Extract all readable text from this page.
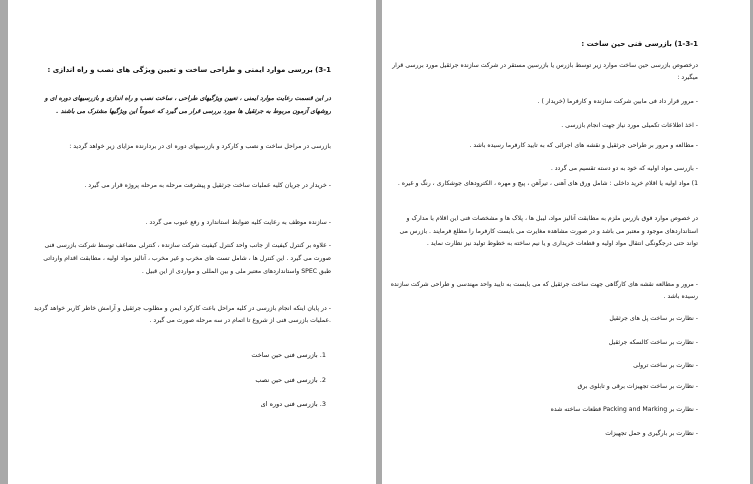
3-1) بررسی موارد ایمنی و طراحی ساخت و تعیین ویژگی های نصب و راه اندازی :
در این قسمت رعایت موارد ایمنی ، تعیین ویژگیهای طراحی ، ساخت نصب و راه اندازی و بازرسیهای دوره ای و روشهای آزمون مربوط به جرثقیل ها مورد بررسی قرار می گیرد که عموماً این ویژگیها مشترک می باشند .
بازرسی در مراحل ساخت و نصب و کارکرد و بازرسیهای دوره ای در بردارنده مزایای زیر خواهد گردید :
- خریدار در جریان کلیه عملیات ساخت جرثقیل و پیشرفت مرحله به مرحله پروژه قرار می گیرد .
- سازنده موظف به رعایت کلیه ضوابط استاندارد و رفع عیوب می گردد .
- علاوه بر کنترل کیفیت از جانب واحد کنترل کیفیت شرکت سازنده ، کنترلی مضاعف توسط شرکت بازرسی فنی صورت می گیرد . این کنترل ها ، شامل تست های مخرب و غیر مخرب ، آنالیز مواد اولیه ، مطابقت اقدام وارداتی طبق SPEC واستانداردهای معتبر ملی و بین المللی و مواردی از این قبیل .
- در پایان اینکه انجام بازرسی در کلیه مراحل باعث کارکرد ایمن و مطلوب جرثقیل و آرامش خاطر کاربر خواهد گردید .عملیات بازرسی فنی از شروع تا اتمام در سه مرحله صورت می گیرد .
1. بازرسی فنی حین ساخت
2. بازرسی فنی حین نصب
3. بازرسی فنی دوره ای
1-3-1) بازرسی فنی حین ساخت :
درخصوص بازرسی حین ساخت موارد زیر توسط بازرس یا بازرسین مستقر در شرکت سازنده جرثقیل مورد بررسی قرار میگیرد :
- مرور قرار داد فی مابین شرکت سازنده و کارفرما (خریدار ) .
- اخذ اطلاعات تکمیلی مورد نیاز جهت انجام بازرسی .
- مطالعه و مرور بر طراحی جرثقیل و نقشه های اجرائی که به تایید کارفرما رسیده باشد .
- بازرسی مواد اولیه که خود به دو دسته تقسیم می گردد .
1) مواد اولیه یا اقلام خرید داخلی : شامل ورق های آهنی ، تیرآهن ، پیچ و مهره ، الکترودهای جوشکاری ، رنگ و غیره .
در خصوص موارد فوق بازرس ملزم به مطابقت آنالیز مواد، لیبل ها ، پلاک ها و مشخصات فنی این اقلام با مدارک و استانداردهای موجود و معتبر می باشد و در صورت مشاهده مغایرت می بایست کارفرما را مطلع فرمایند . بازرس می تواند حتی درجگونگی انتقال مواد اولیه و قطعات خریداری و یا نیم ساخته به خطوط تولید نیز نظارت نماید .
- مرور و مطالعه نقشه های کارگاهی جهت ساخت جرثقیل که می بایست به تایید واحد مهندسی و طراحی شرکت سازنده رسیده باشد .
- نظارت بر ساخت پل های جرثقیل
- نظارت بر ساخت کالسکه جرثقیل
- نظارت بر ساخت ترولی
- نظارت بر ساخت تجهیزات برقی و تابلوی برق
- نظارت بر Packing and Marking قطعات ساخته شده
- نظارت بر بارگیری و حمل تجهیزات
